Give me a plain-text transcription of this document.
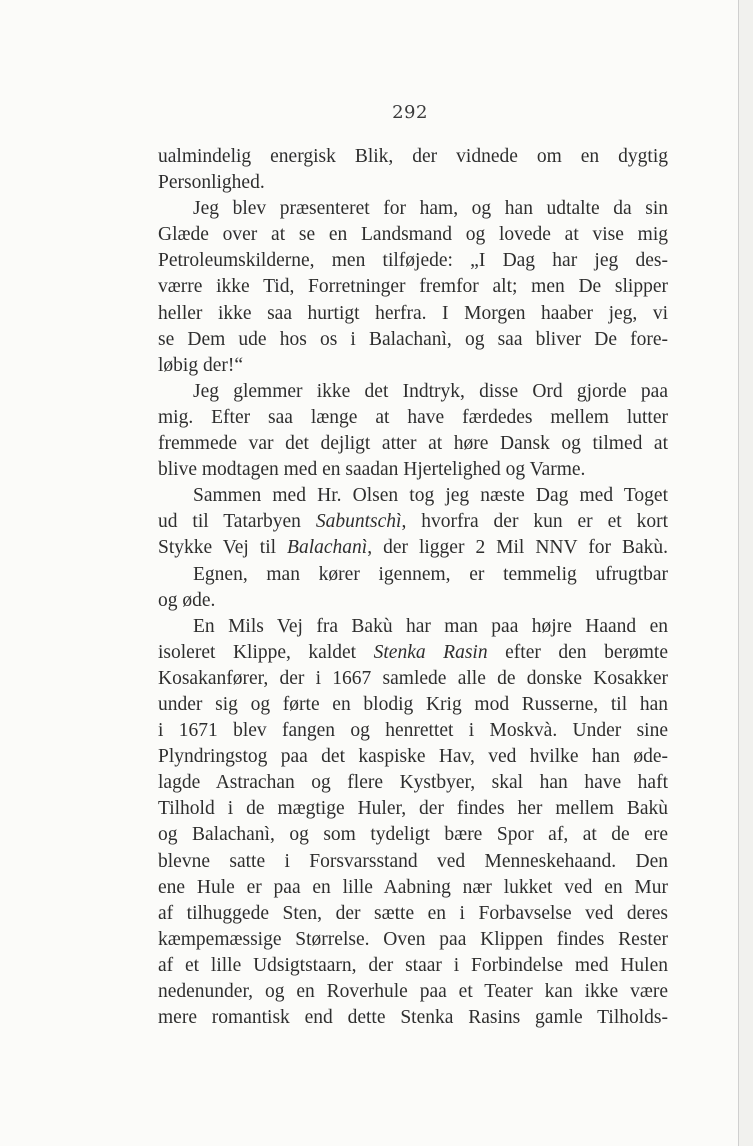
292
ualmindelig energisk Blik, der vidnede om en dygtig
Personlighed.
Jeg blev præsenteret for ham, og han udtalte da sin
Glæde over at se en Landsmand og lovede at vise mig
Petroleumskilderne, men tilføjede: „I Dag har jeg des-
værre ikke Tid, Forretninger fremfor alt; men De slipper
heller ikke saa hurtigt herfra. I Morgen haaber jeg, vi
se Dem ude hos os i Balachanì, og saa bliver De fore-
løbig der!“
Jeg glemmer ikke det Indtryk, disse Ord gjorde paa
mig. Efter saa længe at have færdedes mellem lutter
fremmede var det dejligt atter at høre Dansk og tilmed at
blive modtagen med en saadan Hjertelighed og Varme.
Sammen med Hr. Olsen tog jeg næste Dag med Toget
ud til Tatarbyen Sabuntschì, hvorfra der kun er et kort
Stykke Vej til Balachanì, der ligger 2 Mil NNV for Bakù.
Egnen, man kører igennem, er temmelig ufrugtbar
og øde.
En Mils Vej fra Bakù har man paa højre Haand en
isoleret Klippe, kaldet Stenka Rasin efter den berømte
Kosakanfører, der i 1667 samlede alle de donske Kosakker
under sig og førte en blodig Krig mod Russerne, til han
i 1671 blev fangen og henrettet i Moskvà. Under sine
Plyndringstog paa det kaspiske Hav, ved hvilke han øde-
lagde Astrachan og flere Kystbyer, skal han have haft
Tilhold i de mægtige Huler, der findes her mellem Bakù
og Balachanì, og som tydeligt bære Spor af, at de ere
blevne satte i Forsvarsstand ved Menneskehaand. Den
ene Hule er paa en lille Aabning nær lukket ved en Mur
af tilhuggede Sten, der sætte en i Forbavselse ved deres
kæmpemæssige Størrelse. Oven paa Klippen findes Rester
af et lille Udsigtstaarn, der staar i Forbindelse med Hulen
nedenunder, og en Roverhule paa et Teater kan ikke være
mere romantisk end dette Stenka Rasins gamle Tilholds-
